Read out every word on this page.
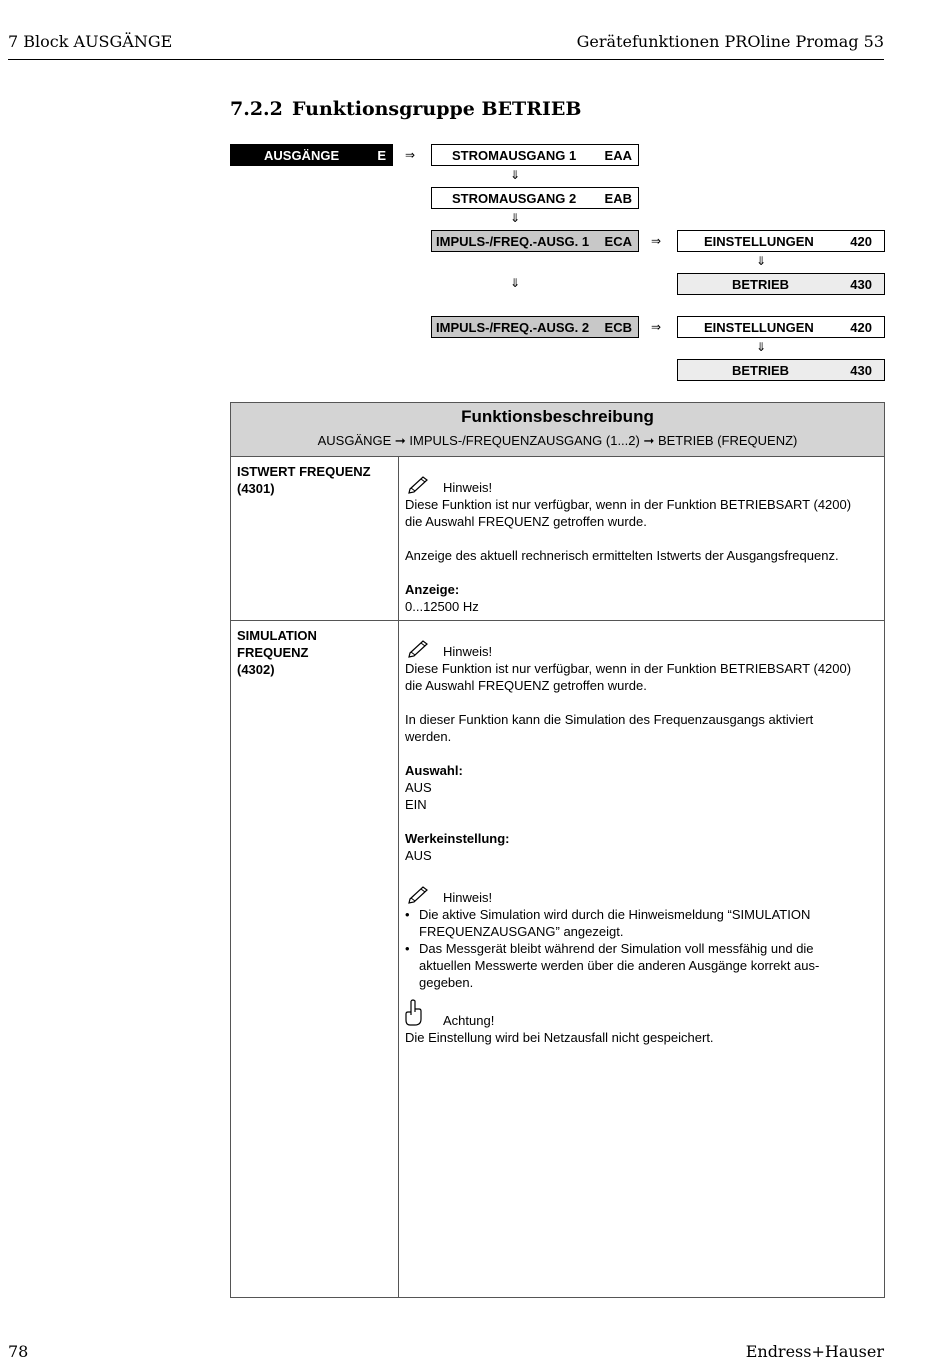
7 Block AUSGÄNGE	Gerätefunktionen PROline Promag 53
7.2.2 Funktionsgruppe BETRIEB
AUSGÄNGE	E ⇒	STROMAUSGANG 1 EAA
⇓
STROMAUSGANG 2 EAB
⇓
IMPULS-/FREQ.-AUSG. 1 ECA ⇒	EINSTELLUNGEN	420
⇓
⇓	BETRIEB	430
IMPULS-/FREQ.-AUSG. 2 ECB ⇒	EINSTELLUNGEN	420
⇓
BETRIEB	430
Funktionsbeschreibung
AUSGÄNGE ➞ IMPULS-/FREQUENZAUSGANG (1...2) ➞ BETRIEB (FREQUENZ)
ISTWERT FREQUENZ
(4301)	Hinweis!
Diese Funktion ist nur verfügbar, wenn in der Funktion BETRIEBSART (4200)
die Auswahl FREQUENZ getroffen wurde.
Anzeige des aktuell rechnerisch ermittelten Istwerts der Ausgangsfrequenz.
Anzeige:
0...12500 Hz
SIMULATION
FREQUENZ
(4302)
Hinweis!
Diese Funktion ist nur verfügbar, wenn in der Funktion BETRIEBSART (4200)
die Auswahl FREQUENZ getroffen wurde.
In dieser Funktion kann die Simulation des Frequenzausgangs aktiviert
werden.
Auswahl:
AUS
EIN
Werkeinstellung:
AUS
Hinweis!
• Die aktive Simulation wird durch die Hinweismeldung “SIMULATION
FREQUENZAUSGANG” angezeigt.
• Das Messgerät bleibt während der Simulation voll messfähig und die
aktuellen Messwerte werden über die anderen Ausgänge korrekt aus-
gegeben.
Achtung!
Die Einstellung wird bei Netzausfall nicht gespeichert.
78	Endress+Hauser
